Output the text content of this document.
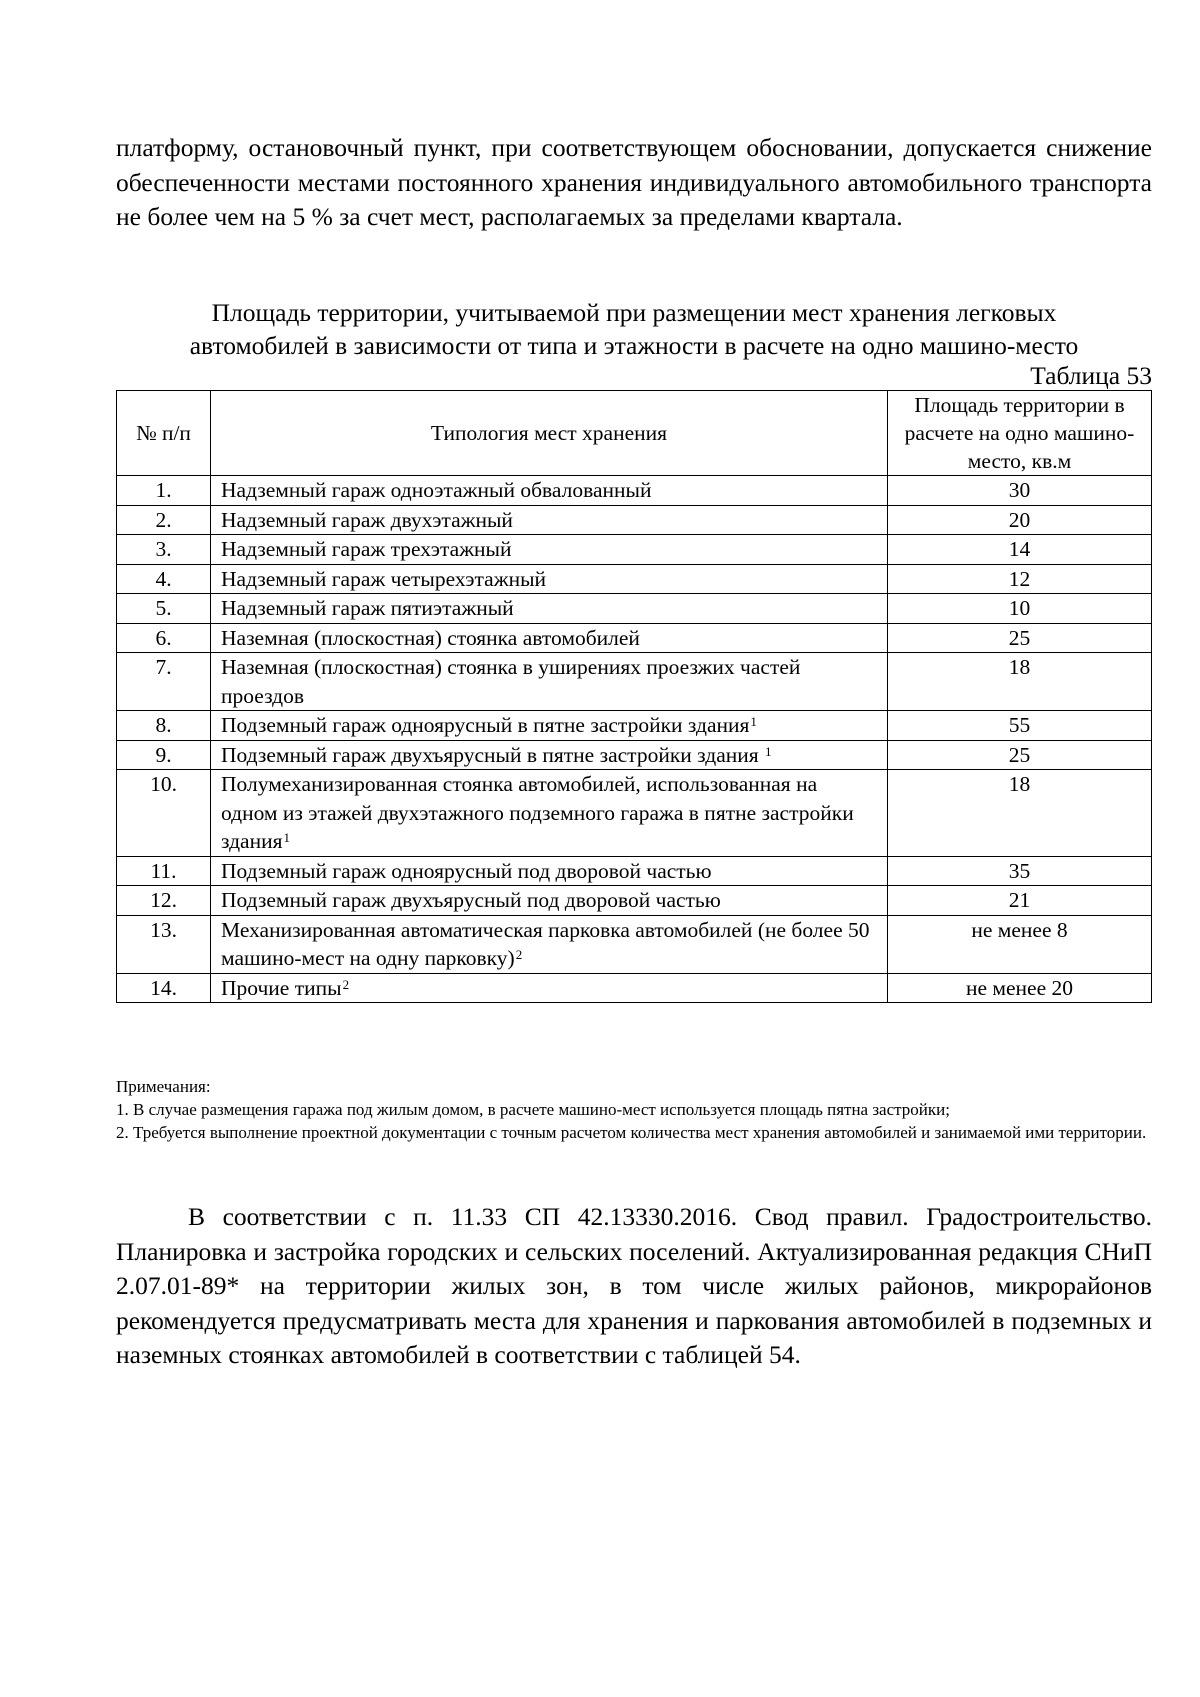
платформу, остановочный пункт, при соответствующем обосновании, допускается снижение обеспеченности местами постоянного хранения индивидуального автомобильного транспорта не более чем на 5 % за счет мест, располагаемых за пределами квартала.

Площадь территории, учитываемой при размещении мест хранения легковых
автомобилей в зависимости от типа и этажности в расчете на одно машино-место
Таблица 53
№ п/п	Типология мест хранения	Площадь территории в расчете на одно машино-место, кв.м
1.	Надземный гараж одноэтажный обвалованный	30
2.	Надземный гараж двухэтажный	20
3.	Надземный гараж трехэтажный	14
4.	Надземный гараж четырехэтажный	12
5.	Надземный гараж пятиэтажный	10
6.	Наземная (плоскостная) стоянка автомобилей	25
7.	Наземная (плоскостная) стоянка в уширениях проезжих частей проездов	18
8.	Подземный гараж одноярусный в пятне застройки здания$^1$	55
9.	Подземный гараж двухъярусный в пятне застройки здания $^1$	25
10.	Полумеханизированная стоянка автомобилей, использованная на одном из этажей двухэтажного подземного гаража в пятне застройки здания$^1$	18
11.	Подземный гараж одноярусный под дворовой частью	35
12.	Подземный гараж двухъярусный под дворовой частью	21
13.	Механизированная автоматическая парковка автомобилей (не более 50 машино-мест на одну парковку)$^2$	не менее 8
14.	Прочие типы$^2$	не менее 20

Примечания:

1. В случае размещения гаража под жилым домом, в расчете машино-мест используется площадь пятна застройки;

2. Требуется выполнение проектной документации с точным расчетом количества мест хранения автомобилей и занимаемой ими территории.

В соответствии с п. 11.33 СП 42.13330.2016. Свод правил. Градостроительство. Планировка и застройка городских и сельских поселений. Актуализированная редакция СНиП 2.07.01-89* на территории жилых зон, в том числе жилых районов, микрорайонов рекомендуется предусматривать места для хранения и паркования автомобилей в подземных и наземных стоянках автомобилей в соответствии с таблицей 54.
